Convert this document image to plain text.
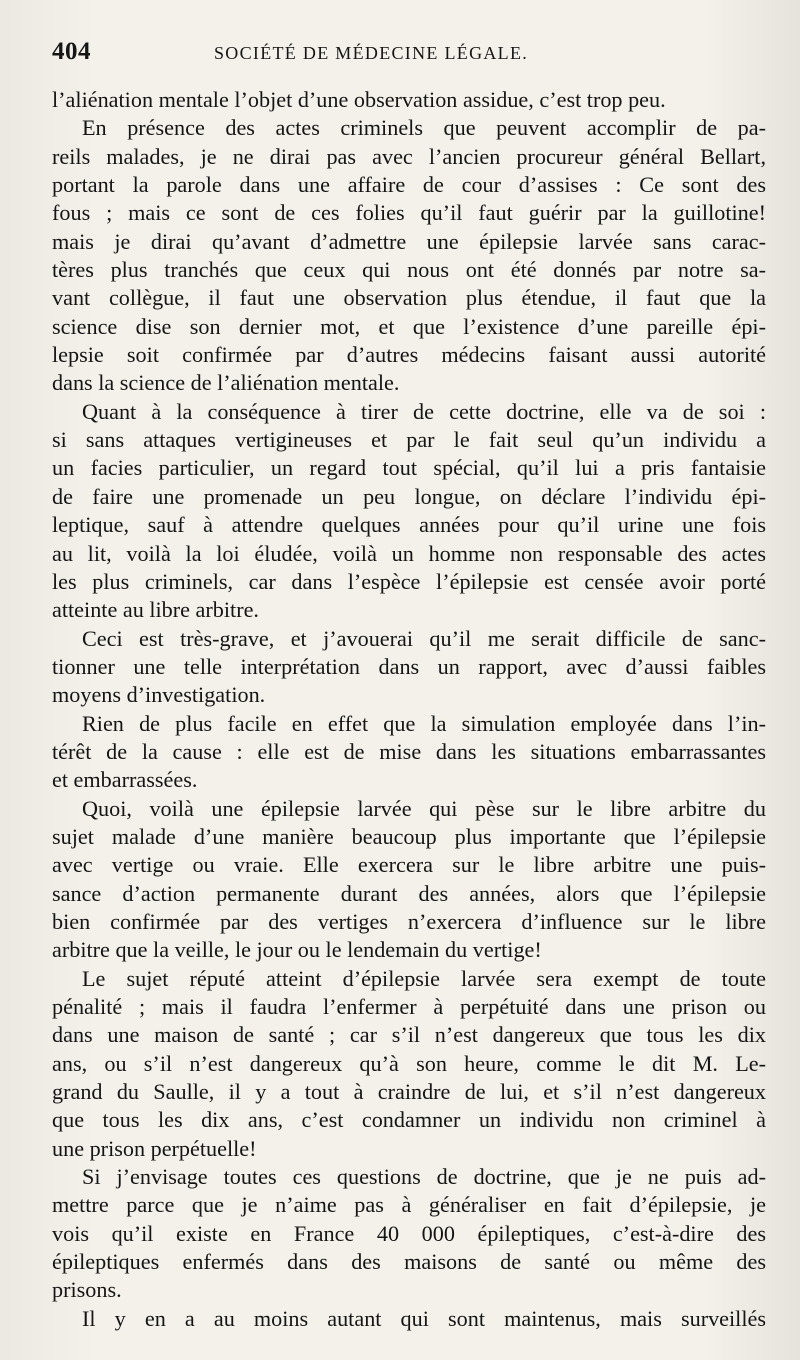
404	SOCIÉTÉ DE MÉDECINE LÉGALE.
l’aliénation mentale l’objet d’une observation assidue, c’est trop peu.
En présence des actes criminels que peuvent accomplir de pa-
reils malades, je ne dirai pas avec l’ancien procureur général Bellart,
portant la parole dans une affaire de cour d’assises : Ce sont des
fous ; mais ce sont de ces folies qu’il faut guérir par la guillotine!
mais je dirai qu’avant d’admettre une épilepsie larvée sans carac-
tères plus tranchés que ceux qui nous ont été donnés par notre sa-
vant collègue, il faut une observation plus étendue, il faut que la
science dise son dernier mot, et que l’existence d’une pareille épi-
lepsie soit confirmée par d’autres médecins faisant aussi autorité
dans la science de l’aliénation mentale.
Quant à la conséquence à tirer de cette doctrine, elle va de soi :
si sans attaques vertigineuses et par le fait seul qu’un individu a
un facies particulier, un regard tout spécial, qu’il lui a pris fantaisie
de faire une promenade un peu longue, on déclare l’individu épi-
leptique, sauf à attendre quelques années pour qu’il urine une fois
au lit, voilà la loi éludée, voilà un homme non responsable des actes
les plus criminels, car dans l’espèce l’épilepsie est censée avoir porté
atteinte au libre arbitre.
Ceci est très-grave, et j’avouerai qu’il me serait difficile de sanc-
tionner une telle interprétation dans un rapport, avec d’aussi faibles
moyens d’investigation.
Rien de plus facile en effet que la simulation employée dans l’in-
térêt de la cause : elle est de mise dans les situations embarrassantes
et embarrassées.
Quoi, voilà une épilepsie larvée qui pèse sur le libre arbitre du
sujet malade d’une manière beaucoup plus importante que l’épilepsie
avec vertige ou vraie. Elle exercera sur le libre arbitre une puis-
sance d’action permanente durant des années, alors que l’épilepsie
bien confirmée par des vertiges n’exercera d’influence sur le libre
arbitre que la veille, le jour ou le lendemain du vertige!
Le sujet réputé atteint d’épilepsie larvée sera exempt de toute
pénalité ; mais il faudra l’enfermer à perpétuité dans une prison ou
dans une maison de santé ; car s’il n’est dangereux que tous les dix
ans, ou s’il n’est dangereux qu’à son heure, comme le dit M. Le-
grand du Saulle, il y a tout à craindre de lui, et s’il n’est dangereux
que tous les dix ans, c’est condamner un individu non criminel à
une prison perpétuelle!
Si j’envisage toutes ces questions de doctrine, que je ne puis ad-
mettre parce que je n’aime pas à généraliser en fait d’épilepsie, je
vois qu’il existe en France 40 000 épileptiques, c’est-à-dire des
épileptiques enfermés dans des maisons de santé ou même des
prisons.
Il y en a au moins autant qui sont maintenus, mais surveillés
